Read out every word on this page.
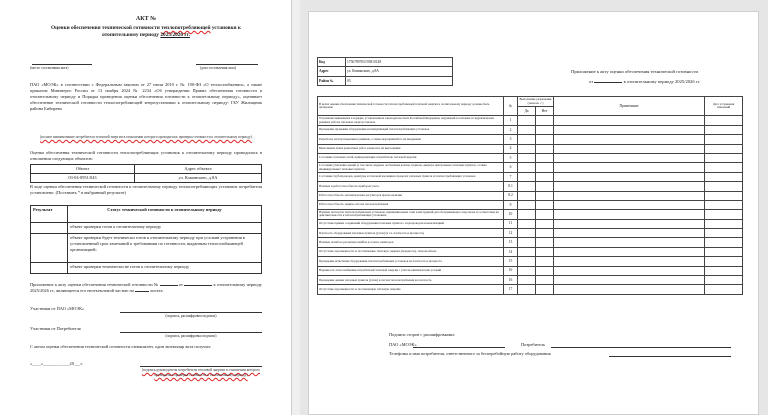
АКТ №
Оценки обеспечения технической готовности теплопотребляющей установки к
отопительному периоду 2025/2026 гг.
(место составления акта)	(дата составления акта)
ПАО «МОЭК» в соответствии с Федеральным законом от 27 июля 2010 г. № 190-ФЗ «О теплоснабжении», а также приказом Минэнерго России от 13 ноября 2024 № 2234 «Об утверждении Правил обеспечения готовности к отопительному периоду и Порядка проведения оценки обеспечения готовности к отопительному периоду», оценивает обеспечение технической готовности теплопотребляющей энергоустановки к отопительному периоду: ГБУ Жилищник района Бибирево
(полное наименование потребителя тепловой энергии в отношении которого проводилась проверка готовности к отопительному периоду)
Оценка обеспечения технической готовности теплопотребляющих установок к отопительному периоду проводилась в отношении следующих объектов:
Объект	Адрес объекта
03-04-0951/043	ул. Коминскою, д.8А
В ходе оценки обеспечения технической готовности к отопительному периоду теплопотребляющих установок потребителя установлено: (Поставить * в выбранный результат)
Результат	Статус технической готовности к отопительному периоду
	объект проверки готов к отопительному периоду
	объект проверки будет технически готов к отопительному периоду при условии устранения в установленный срок замечаний к требованиям по готовности, выданным теплоснабжающей организацией;
	объект проверки технически не готов к отопительному периоду
Приложение к акту оценки обеспечения технической готовности №	от	к отопительному периоду 2025/2026 гг., являющееся его неотъемлемой частью на	листах.
Участники от ПАО «МОЭК»
(подпись, расшифровка подписи)
Участники от Потребителя
(подпись, расшифровка подписи)
С актом оценки обеспечения технической готовности ознакомлен, один экземпляр акта получил:
«____»____________20___г.
(подпись руководителя потребителя тепловой энергии в отношении которого проводилась проверка готовности к отопительному периоду)
Код	1756789765193810148
Адрес	ул. Коминскою, д.8А
Район №	03
Приложение к акту оценки обеспечения технической готовности
от	к отопительному периоду 2025/2026 гг.
В целях оценки обеспечения технической готовности теплопотребляющей тепловой энергии к отопительному периоду должны быть проверены	№	Выполнение разрешения (заказать ✓)		Примечание	Дата устранения замечаний
		Да	Нет		
Устранение выявленных в порядке, установленном законодательством Российской Федерации, нарушений в тепловых и гидравлических режимах работы тепловых энергоустановок	1				
Проведение промывки оборудования и коммуникаций теплопотребляющих установок	2				
Разработка эксплуатационных режимов, а также мероприятий по их внедрению	3				
Выполнение плана ремонтных работ и качество их выполнения	4				
Состояние тепловых сетей, принадлежащих потребителю тепловой энергии	5				
Состояние утепления зданий (а том числе чердаки, лестничные клетки, подвалы, двери) и центральных тепловых пунктов, а также индивидуальных тепловых пунктов	6				
Состояние трубопроводов, арматуры и тепловой изоляции в пределах тепловых пунктов и теплопотребляющих установок	7				
Наличие и работоспособность приборов учета,	8.1				
Работоспособность автоматических регуляторов при их наличии	8.2				
Работоспособность защиты систем теплопотребления	9				
Наличие паспортов теплопотребляющих установок, принципиальных схем и инструкций для обслуживающего персонала и соответствие их действительности в теплопотребляющих установках	10				
Отсутствие прямых соединений оборудования тепловых пунктов с водопроводом и канализацией	11				
Плотность оборудования тепловых пунктов (узлов) (в т.ч. плотность и прочность)	12				
Наличие пломб на расчетных шайбах и соплах элеваторов	13				
Отсутствие задолженности за поставленные тепловую энергию (мощность), теплоноситель	14				
Проведение испытания оборудования теплопотребляющих установок на плотность и прочность	15				
Надежность теплоснабжения потребителей тепловой энергии с учетом климатических условий	16				
Проведение оценки тепловых пунктов (узлов) и систем теплопотребления на плотность	16				
Отсутствие задолженности за поставленную тепловую энергию	17				
Подписи сторон с расшифровками:
ПАО «МОЭК»	Потребитель
Телефоны и имя потребителя, ответственного за бесперебойную работу оборудования
